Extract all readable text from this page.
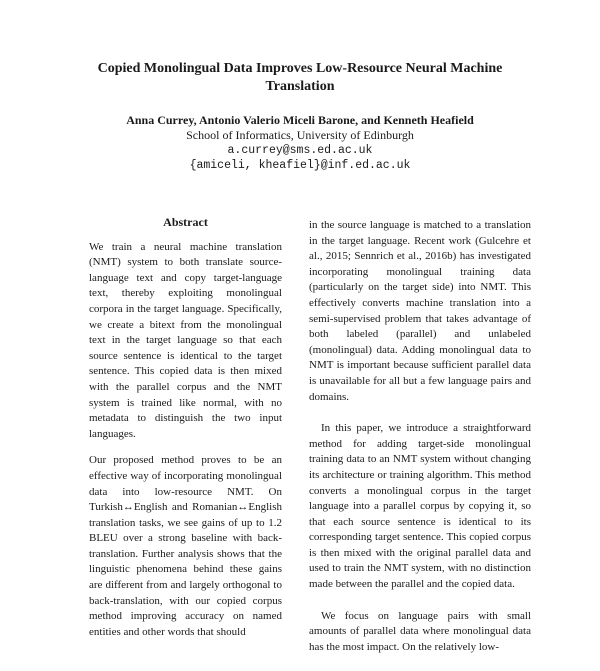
Copied Monolingual Data Improves Low-Resource Neural Machine
Translation
Anna Currey, Antonio Valerio Miceli Barone, and Kenneth Heafield
School of Informatics, University of Edinburgh
a.currey@sms.ed.ac.uk
{amiceli, kheafiel}@inf.ed.ac.uk
Abstract

We train a neural machine translation (NMT) system to both translate source-language text and copy target-language text, thereby exploiting monolingual corpora in the target language. Specifically, we create a bitext from the monolingual text in the target language so that each source sentence is identical to the target sentence. This copied data is then mixed with the parallel corpus and the NMT system is trained like normal, with no metadata to distinguish the two input languages.

Our proposed method proves to be an effective way of incorporating monolingual data into low-resource NMT. On Turkish↔English and Romanian↔English translation tasks, we see gains of up to 1.2 BLEU over a strong baseline with back-translation. Further analysis shows that the linguistic phenomena behind these gains are different from and largely orthogonal to back-translation, with our copied corpus method improving accuracy on named entities and other words that should

in the source language is matched to a translation in the target language. Recent work (Gulcehre et al., 2015; Sennrich et al., 2016b) has investigated incorporating monolingual training data (particularly on the target side) into NMT. This effectively converts machine translation into a semi-supervised problem that takes advantage of both labeled (parallel) and unlabeled (monolingual) data. Adding monolingual data to NMT is important because sufficient parallel data is unavailable for all but a few language pairs and domains.

In this paper, we introduce a straightforward method for adding target-side monolingual training data to an NMT system without changing its architecture or training algorithm. This method converts a monolingual corpus in the target language into a parallel corpus by copying it, so that each source sentence is identical to its corresponding target sentence. This copied corpus is then mixed with the original parallel data and used to train the NMT system, with no distinction made between the parallel and the copied data.

We focus on language pairs with small amounts of parallel data where monolingual data has the most impact. On the relatively low-
